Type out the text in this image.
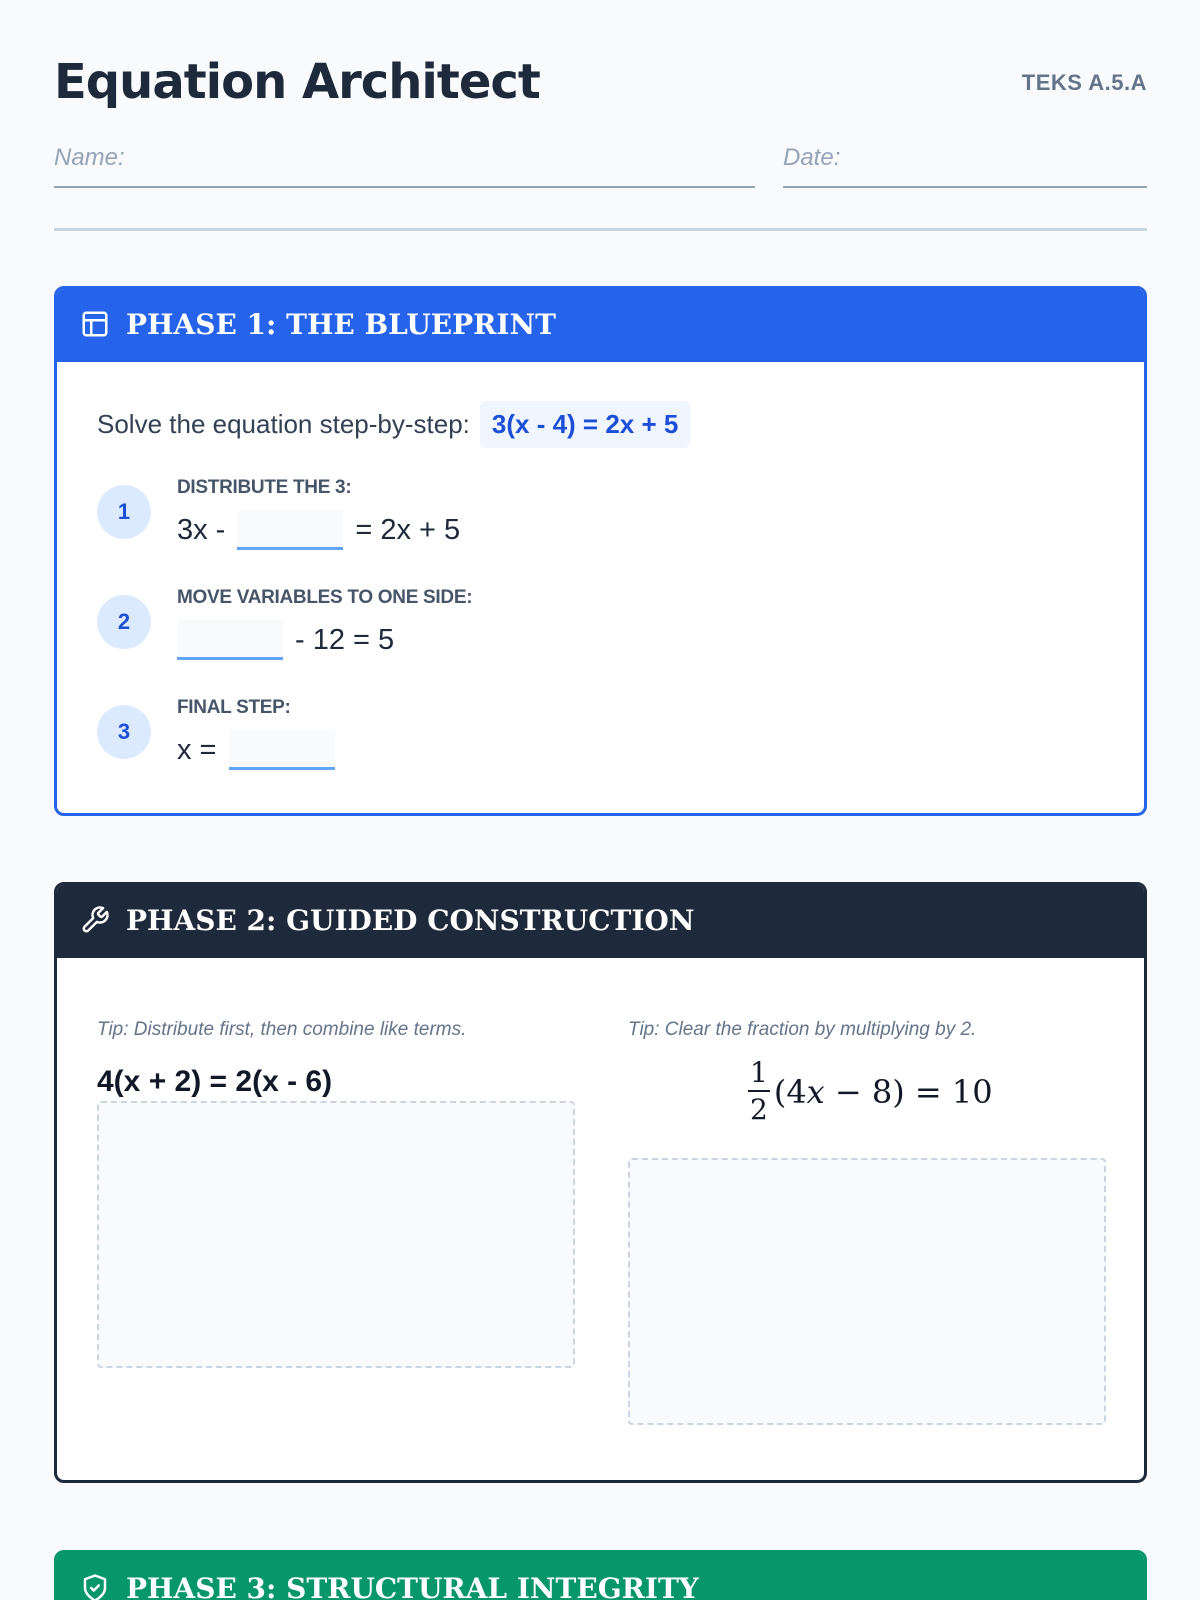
Equation Architect	TEKS A.5.A
Name:	Date:
PHASE 1: THE BLUEPRINT
Solve the equation step-by-step: 3(x - 4) = 2x + 5
1
DISTRIBUTE THE 3:
3x -	= 2x + 5
2
MOVE VARIABLES TO ONE SIDE:
- 12 = 5
3
FINAL STEP:
x =
PHASE 2: GUIDED CONSTRUCTION
Tip: Distribute first, then combine like terms.
4(x + 2) = 2(x - 6)
Tip: Clear the fraction by multiplying by 2.
$\frac{1}{2} (4x - 8) = 10$
PHASE 3: STRUCTURAL INTEGRITY
